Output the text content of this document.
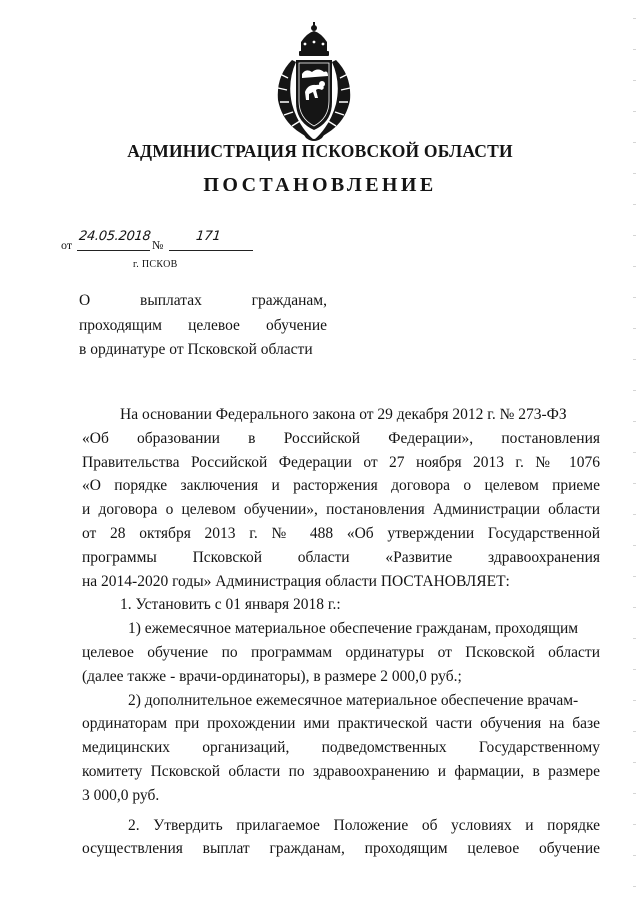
АДМИНИСТРАЦИЯ ПСКОВСКОЙ ОБЛАСТИ
ПОСТАНОВЛЕНИЕ
от
24.05.2018
№
171
г. ПСКОВ
О выплатах гражданам,
проходящим целевое обучение
в ординатуре от Псковской области
На основании Федерального закона от 29 декабря 2012 г. № 273-ФЗ
«Об образовании в Российской Федерации», постановления
Правительства Российской Федерации от 27 ноября 2013 г. № 1076
«О порядке заключения и расторжения договора о целевом приеме
и договора о целевом обучении», постановления Администрации области
от 28 октября 2013 г. № 488 «Об утверждении Государственной
программы Псковской области «Развитие здравоохранения
на 2014-2020 годы» Администрация области ПОСТАНОВЛЯЕТ:
1. Установить с 01 января 2018 г.:
1) ежемесячное материальное обеспечение гражданам, проходящим
целевое обучение по программам ординатуры от Псковской области
(далее также - врачи-ординаторы), в размере 2 000,0 руб.;
2) дополнительное ежемесячное материальное обеспечение врачам-
ординаторам при прохождении ими практической части обучения на базе
медицинских организаций, подведомственных Государственному
комитету Псковской области по здравоохранению и фармации, в размере
3 000,0 руб.
2. Утвердить прилагаемое Положение об условиях и порядке
осуществления выплат гражданам, проходящим целевое обучение
